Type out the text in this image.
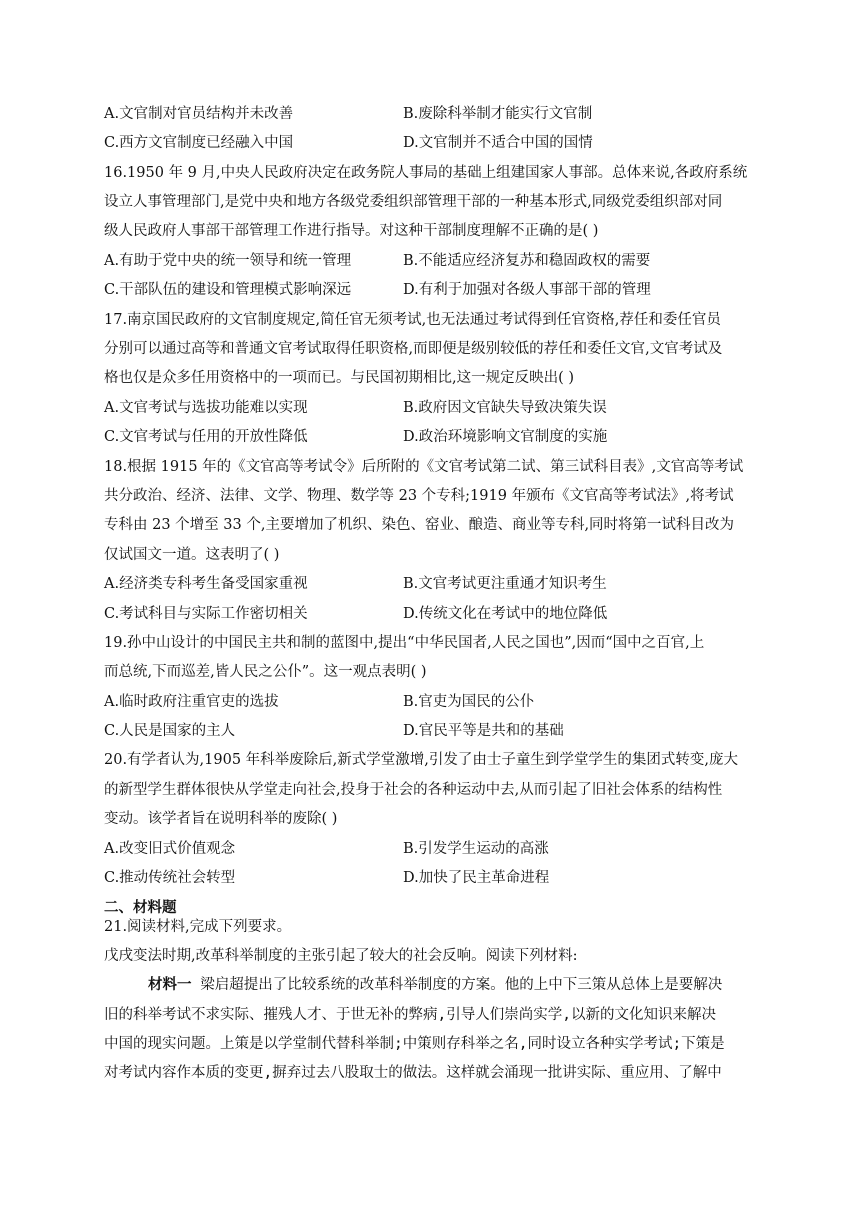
A.文官制对官员结构并未改善	B.废除科举制才能实行文官制
C.西方文官制度已经融入中国	D.文官制并不适合中国的国情
16.1950 年 9 月,中央人民政府决定在政务院人事局的基础上组建国家人事部。总体来说,各政府系统
设立人事管理部门,是党中央和地方各级党委组织部管理干部的一种基本形式,同级党委组织部对同
级人民政府人事部干部管理工作进行指导。对这种干部制度理解不正确的是( )
A.有助于党中央的统一领导和统一管理	B.不能适应经济复苏和稳固政权的需要
C.干部队伍的建设和管理模式影响深远	D.有利于加强对各级人事部干部的管理
17.南京国民政府的文官制度规定,简任官无须考试,也无法通过考试得到任官资格,荐任和委任官员
分别可以通过高等和普通文官考试取得任职资格,而即便是级别较低的荐任和委任文官,文官考试及
格也仅是众多任用资格中的一项而已。与民国初期相比,这一规定反映出( )
A.文官考试与选拔功能难以实现	B.政府因文官缺失导致决策失误
C.文官考试与任用的开放性降低	D.政治环境影响文官制度的实施
18.根据 1915 年的《文官高等考试令》后所附的《文官考试第二试、第三试科目表》,文官高等考试
共分政治、经济、法律、文学、物理、数学等 23 个专科;1919 年颁布《文官高等考试法》,将考试
专科由 23 个增至 33 个,主要增加了机织、染色、窑业、酿造、商业等专科,同时将第一试科目改为
仅试国文一道。这表明了( )
A.经济类专科考生备受国家重视	B.文官考试更注重通才知识考生
C.考试科目与实际工作密切相关	D.传统文化在考试中的地位降低
19.孙中山设计的中国民主共和制的蓝图中,提出“中华民国者,人民之国也”,因而“国中之百官,上
而总统,下而巡差,皆人民之公仆”。这一观点表明( )
A.临时政府注重官吏的选拔	B.官吏为国民的公仆
C.人民是国家的主人	D.官民平等是共和的基础
20.有学者认为,1905 年科举废除后,新式学堂激增,引发了由士子童生到学堂学生的集团式转变,庞大
的新型学生群体很快从学堂走向社会,投身于社会的各种运动中去,从而引起了旧社会体系的结构性
变动。该学者旨在说明科举的废除( )
A.改变旧式价值观念	B.引发学生运动的高涨
C.推动传统社会转型	D.加快了民主革命进程
二、材料题
21.阅读材料,完成下列要求。
戊戌变法时期,改革科举制度的主张引起了较大的社会反响。阅读下列材料:
材料一 梁启超提出了比较系统的改革科举制度的方案。他的上中下三策从总体上是要解决
旧的科举考试不求实际、摧残人才、于世无补的弊病,引导人们崇尚实学,以新的文化知识来解决
中国的现实问题。上策是以学堂制代替科举制;中策则存科举之名,同时设立各种实学考试;下策是
对考试内容作本质的变更,摒弃过去八股取士的做法。这样就会涌现一批讲实际、重应用、了解中
